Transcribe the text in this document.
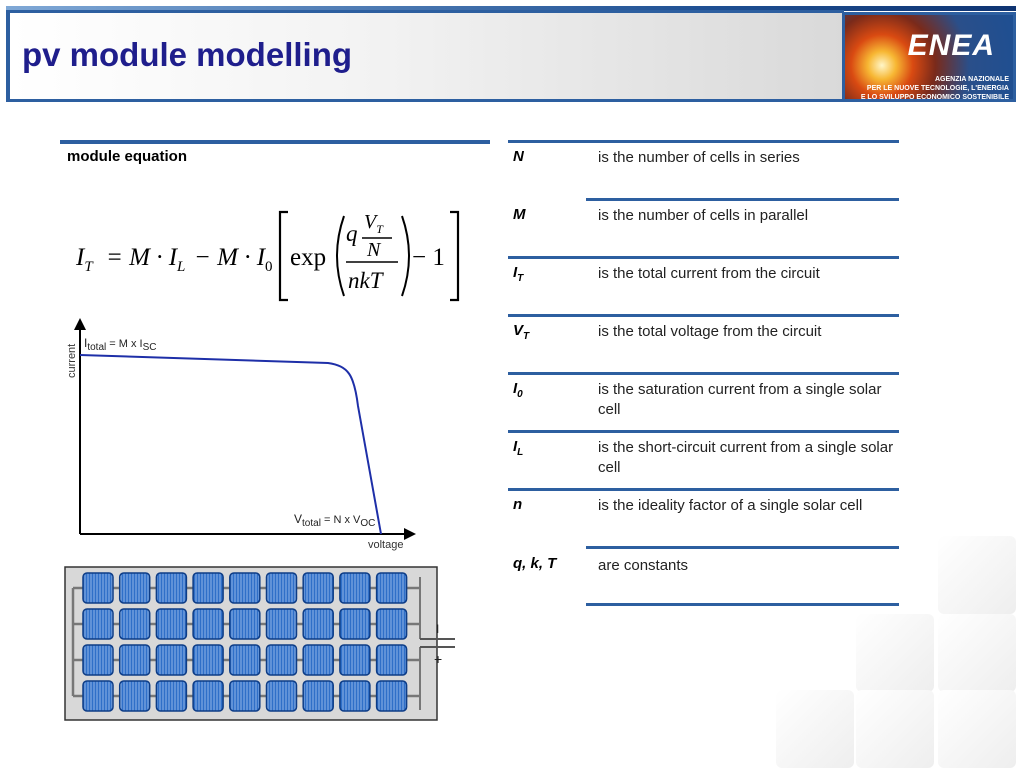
pv module modelling	ENEA
AGENZIA NAZIONALE
PER LE NUOVE TECNOLOGIE, L'ENERGIA
E LO SVILUPPO ECONOMICO SOSTENIBILE
module equation
$I_T = M \cdot I_L - M \cdot I_0$ exp
q $V_T$
N
nkT
− 1
current
voltage
$I_{total} = M$ x $I_{SC}$
$V_{total} = N$ x $V_{OC}$
I
+
N	is the number of cells in series
M	is the number of cells in parallel
$I_T$	is the total current from the circuit
$V_T$	is the total voltage from the circuit
$I_0$	is the saturation current from a single solar cell
$I_L$	is the short-circuit current from a single solar cell
n	is the ideality factor of a single solar cell
q, k, T	are constants
